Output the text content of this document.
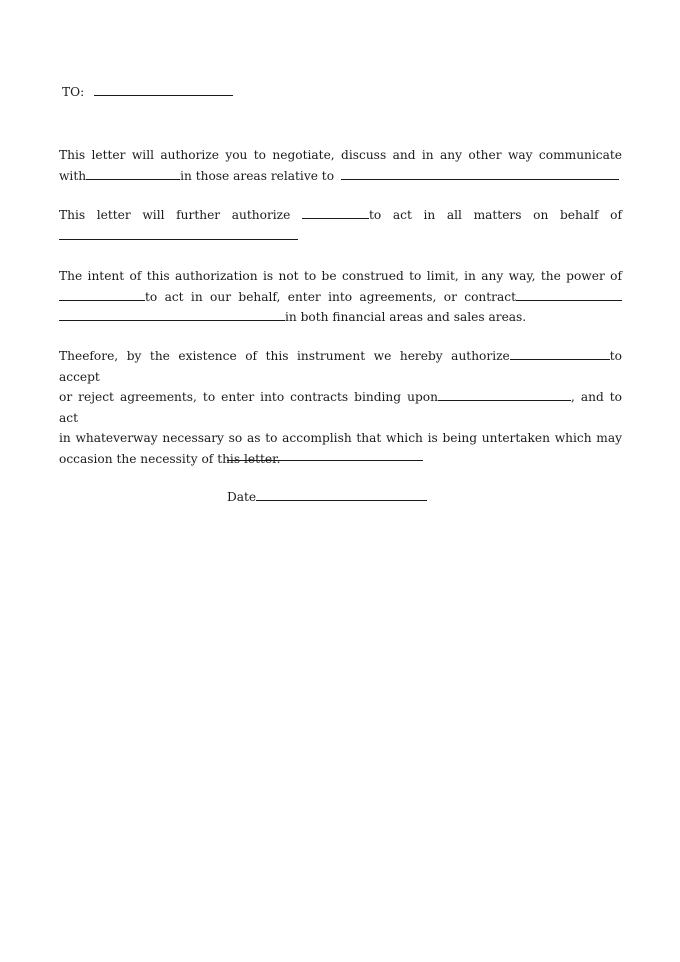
TO:
This letter will authorize you to negotiate, discuss and in any other way communicate
with	in those areas relative to
This letter will further authorize	to act in all matters on behalf of
The intent of this authorization is not to be construed to limit, in any way, the power of
to act in our behalf, enter into agreements, or contract
in both financial areas and sales areas.
Theefore, by the existence of this instrument we hereby authorize	to accept
or reject agreements, to enter into contracts binding upon	, and to act
in whateverway necessary so as to accomplish that which is being untertaken which may
occasion the necessity of this letter.
Date
